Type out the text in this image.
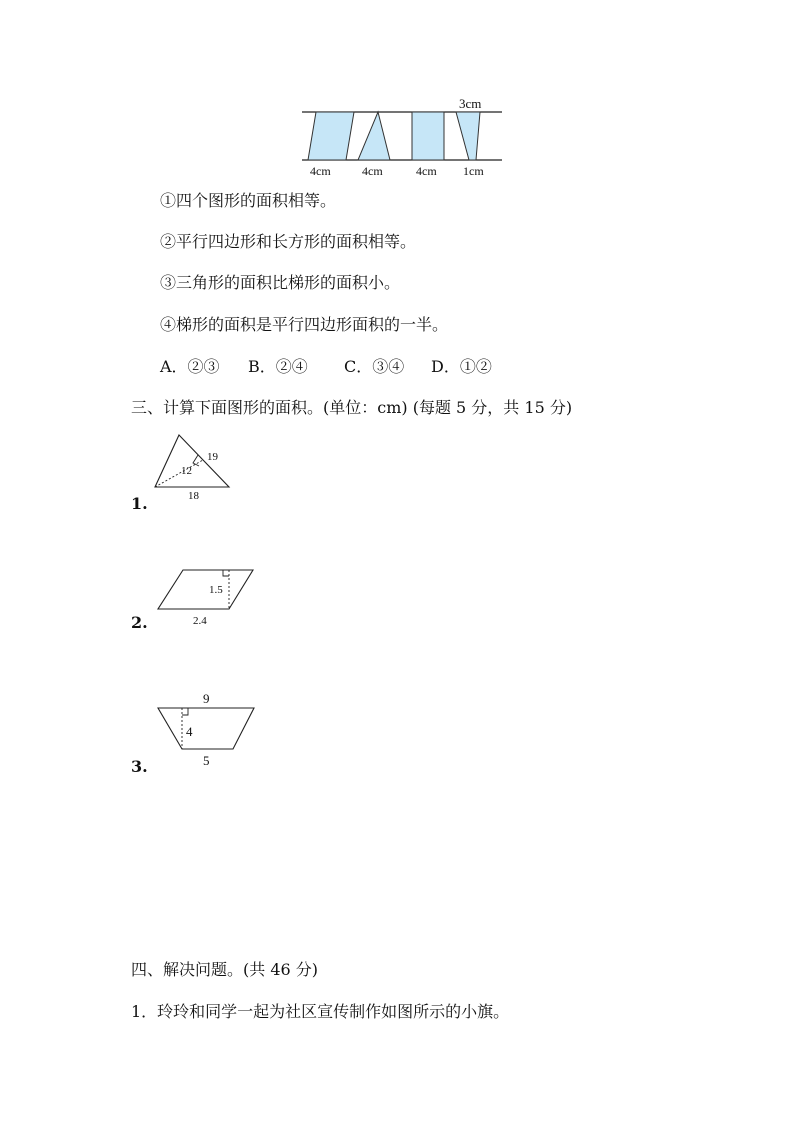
3cm
4cm	4cm	4cm 1cm
①四个图形的面积相等。
②平行四边形和长方形的面积相等。
③三角形的面积比梯形的面积小。
④梯形的面积是平行四边形面积的一半。
A．②③ B．②④ C．③④ D．①②
三、计算下面图形的面积。(单位：cm) (每题 5 分，共 15 分)
1.
19
12
18
2.
1.5
2.4
3.
9
4
5
四、解决问题。(共 46 分)
1．玲玲和同学一起为社区宣传制作如图所示的小旗。
